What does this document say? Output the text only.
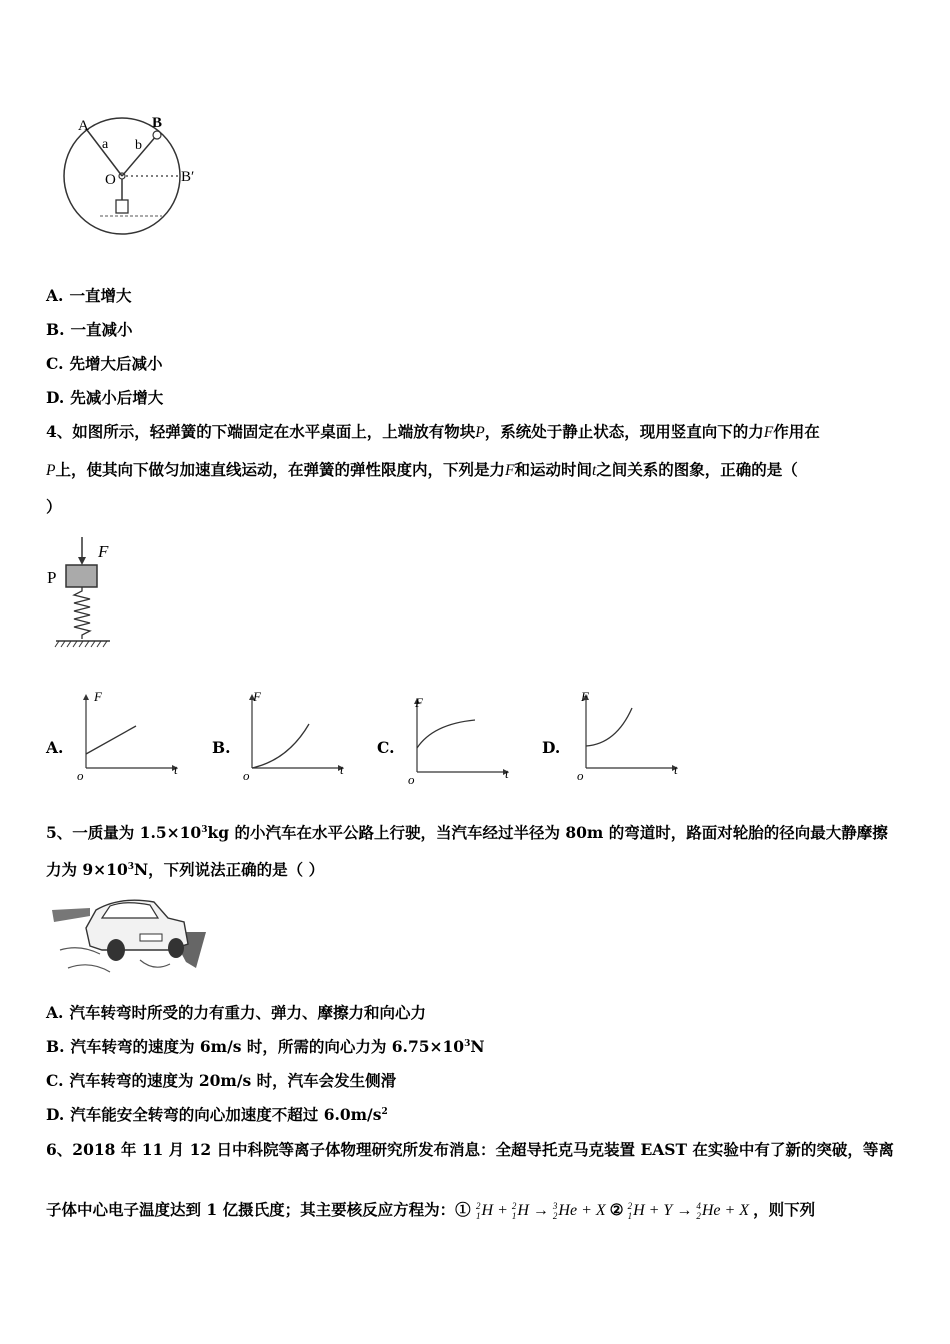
A	B
B′
a b
O
A. 一直增大
B. 一直减小
C. 先增大后减小
D. 先减小后增大
4、如图所示，轻弹簧的下端固定在水平桌面上，上端放有物块P，系统处于静止状态，现用竖直向下的力F作用在
P上，使其向下做匀加速直线运动，在弹簧的弹性限度内，下列是力F和运动时间t之间关系的图象，正确的是（
）
F
P
A.
F
t
o
B.
F
t
o
C.
F
t
o
D.
F
t
o
5、一质量为 $1.5\times 10^3kg$ 的小汽车在水平公路上行驶，当汽车经过半径为 80m 的弯道时，路面对轮胎的径向最大静摩擦
力为 $9\times 10^3N$，下列说法正确的是（ ）
A. 汽车转弯时所受的力有重力、弹力、摩擦力和向心力
B. 汽车转弯的速度为 6m/s 时，所需的向心力为 $6.75\times 10^3N$
C. 汽车转弯的速度为 20m/s 时，汽车会发生侧滑
D. 汽车能安全转弯的向心加速度不超过 $6.0m/s^2$
6、2018 年 11 月 12 日中科院等离子体物理研究所发布消息：全超导托克马克装置 EAST 在实验中有了新的突破，等离
子体中心电子温度达到 1 亿摄氏度；其主要核反应方程为：① 2
1H + 2
1H → 3
2He + X ② 2
1H + Y → 4
2He + X ，则下列
